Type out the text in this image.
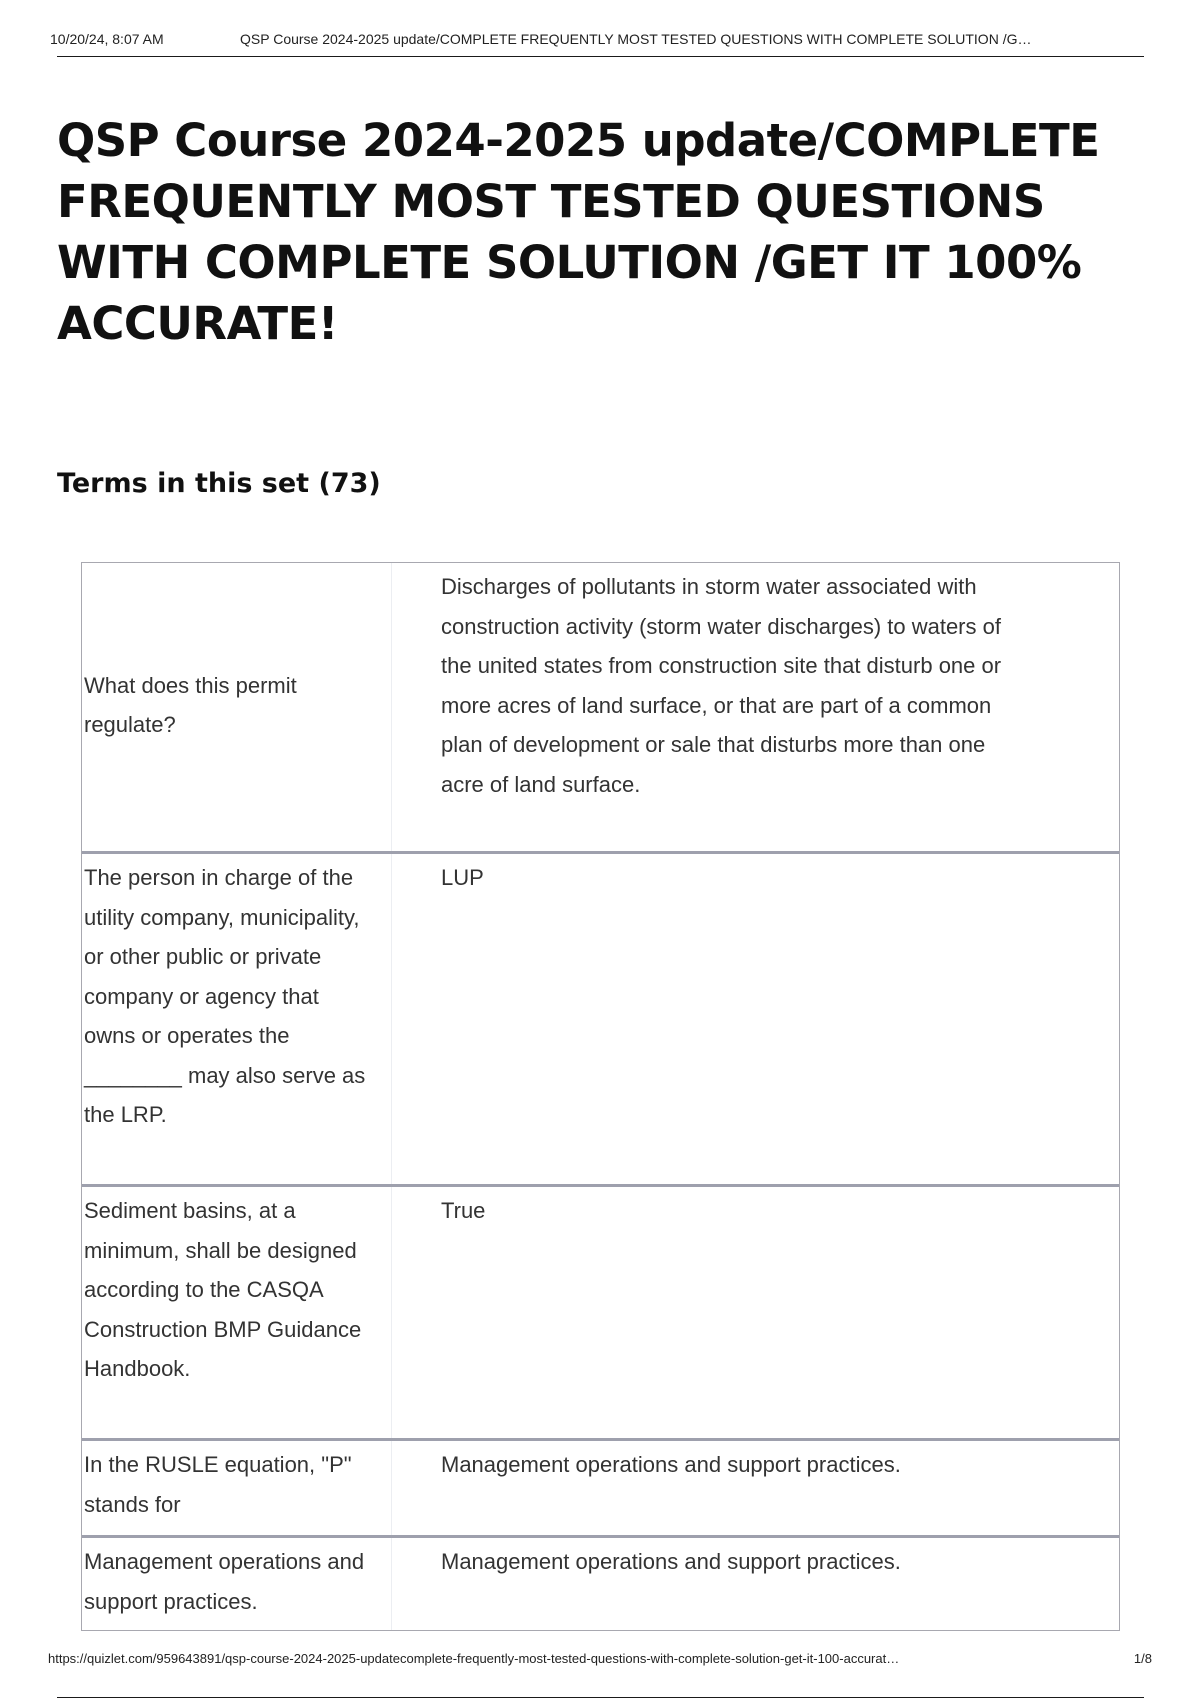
10/20/24, 8:07 AM	QSP Course 2024-2025 update/COMPLETE FREQUENTLY MOST TESTED QUESTIONS WITH COMPLETE SOLUTION /G…
QSP Course 2024-2025 update/COMPLETE FREQUENTLY MOST TESTED QUESTIONS WITH COMPLETE SOLUTION /GET IT 100% ACCURATE!
Terms in this set (73)
What does this permit regulate?
Discharges of pollutants in storm water associated with construction activity (storm water discharges) to waters of the united states from construction site that disturb one or more acres of land surface, or that are part of a common plan of development or sale that disturbs more than one acre of land surface.
The person in charge of the utility company, municipality, or other public or private company or agency that owns or operates the ________ may also serve as the LRP.
LUP
Sediment basins, at a minimum, shall be designed according to the CASQA Construction BMP Guidance Handbook.
True
In the RUSLE equation, "P" stands for
Management operations and support practices.
Management operations and support practices.
Management operations and support practices.
https://quizlet.com/959643891/qsp-course-2024-2025-updatecomplete-frequently-most-tested-questions-with-complete-solution-get-it-100-accurat…	1/8
